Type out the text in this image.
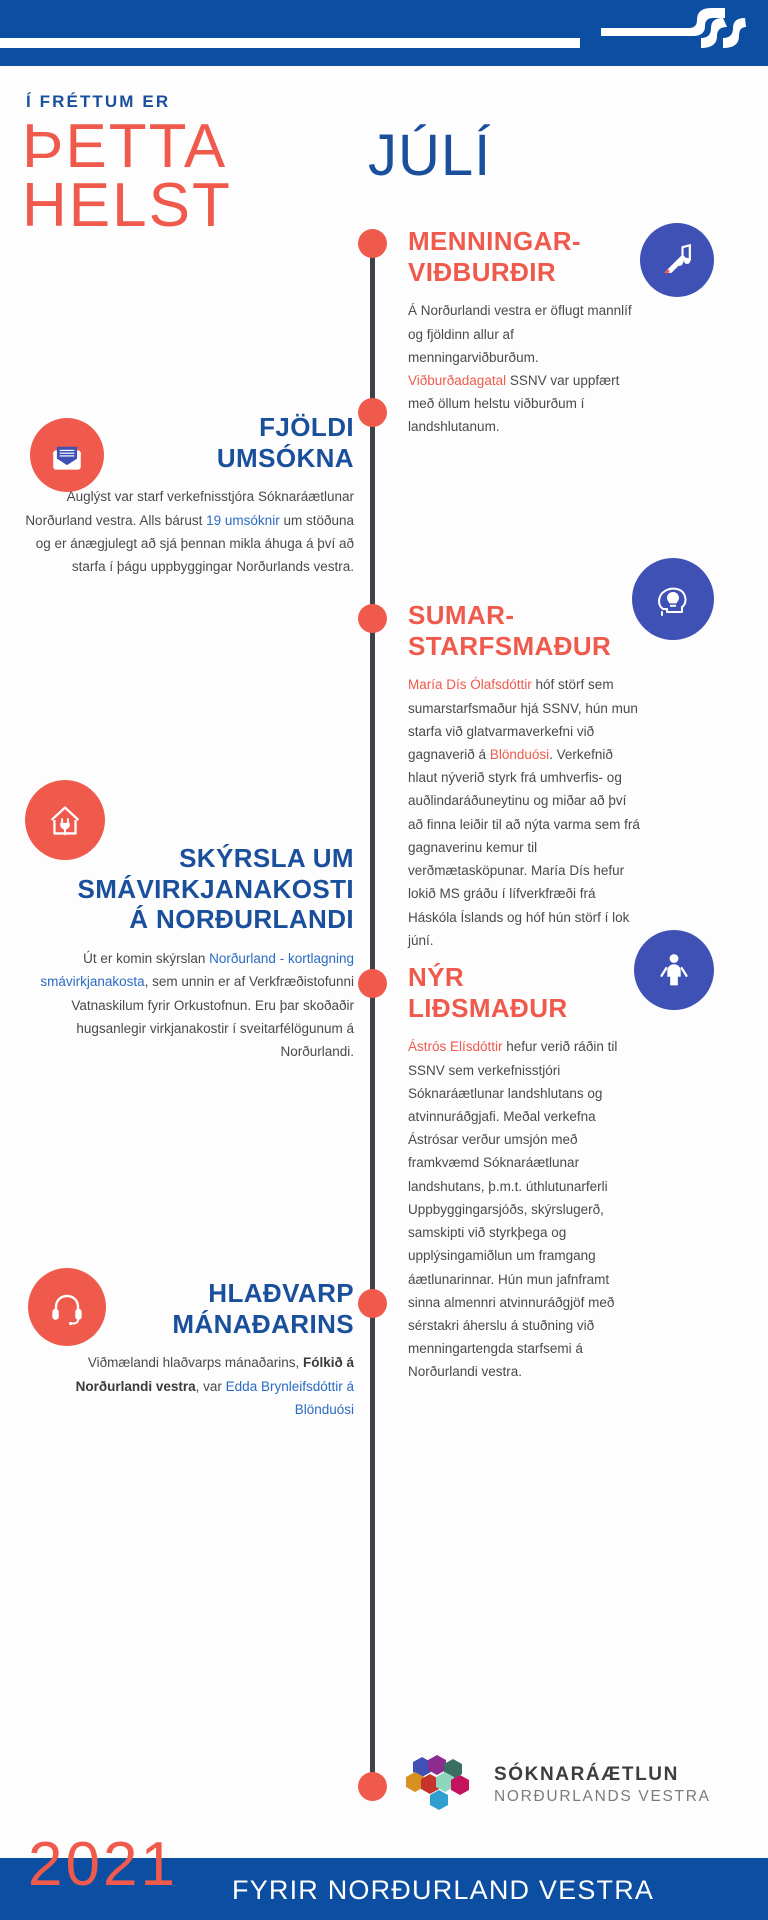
Í FRÉTTUM ER
ÞETTA
HELST
JÚLÍ
MENNINGAR-
VIÐBURÐIR
Á Norðurlandi vestra er öflugt mannlíf og fjöldinn allur af menningarviðburðum. Viðburðadagatal SSNV var uppfært með öllum helstu viðburðum í landshlutanum.
FJÖLDI
UMSÓKNA
Auglýst var starf verkefnisstjóra Sóknaráætlunar Norðurland vestra. Alls bárust 19 umsóknir um stöðuna og er ánægjulegt að sjá þennan mikla áhuga á því að starfa í þágu uppbyggingar Norðurlands vestra.
SUMAR-
STARFSMAÐUR
María Dís Ólafsdóttir hóf störf sem sumarstarfsmaður hjá SSNV, hún mun starfa við glatvarmaverkefni við gagnaverið á Blönduósi. Verkefnið hlaut nýverið styrk frá umhverfis- og auðlindaráðuneytinu og miðar að því að finna leiðir til að nýta varma sem frá gagnaverinu kemur til verðmætasköpunar. María Dís hefur lokið MS gráðu í lífverkfræði frá Háskóla Íslands og hóf hún störf í lok júní.
SKÝRSLA UM
SMÁVIRKJANAKOSTI
Á NORÐURLANDI
Út er komin skýrslan Norðurland - kortlagning smávirkjanakosta, sem unnin er af Verkfræðistofunni Vatnaskilum fyrir Orkustofnun. Eru þar skoðaðir hugsanlegir virkjanakostir í sveitarfélögunum á Norðurlandi.
NÝR
LIÐSMAÐUR
Ástrós Elísdóttir hefur verið ráðin til SSNV sem verkefnisstjóri Sóknaráætlunar landshlutans og atvinnuráðgjafi. Meðal verkefna Ástrósar verður umsjón með framkvæmd Sóknaráætlunar landshutans, þ.m.t. úthlutunarferli Uppbyggingarsjóðs, skýrslugerð, samskipti við styrkþega og upplýsingamiðlun um framgang áætlunarinnar. Hún mun jafnframt sinna almennri atvinnuráðgjöf með sérstakri áherslu á stuðning við menningartengda starfsemi á Norðurlandi vestra.
HLAÐVARP
MÁNAÐARINS
Viðmælandi hlaðvarps mánaðarins, Fólkið á Norðurlandi vestra, var Edda Brynleifsdóttir á Blönduósi
SÓKNARÁÆTLUN
NORÐURLANDS VESTRA
2021 FYRIR NORÐURLAND VESTRA
